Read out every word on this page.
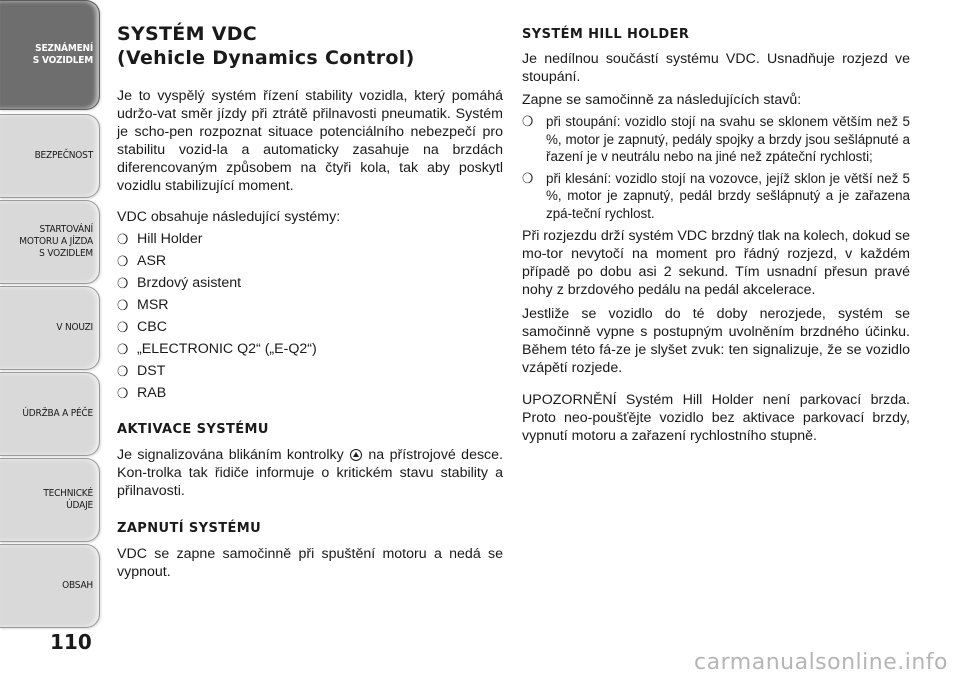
SEZNÁMENÍ
S VOZIDLEM
BEZPEČNOST
STARTOVÁNÍ
MOTORU A JÍZDA
S VOZIDLEM
V NOUZI
ÚDRŽBA A PÉČE
TECHNICKÉ
ÚDAJE
OBSAH
110
SYSTÉM VDC
(Vehicle Dynamics Control)

Je to vyspělý systém řízení stability vozidla, který pomáhá udržo-vat směr jízdy při ztrátě přilnavosti pneumatik. Systém je scho-pen rozpoznat situace potenciálního nebezpečí pro stabilitu vozid-la a automaticky zasahuje na brzdách diferencovaným způsobem na čtyři kola, tak aby poskytl vozidlu stabilizující moment.

VDC obsahuje následující systémy:

❍ Hill Holder
❍ ASR
❍ Brzdový asistent
❍ MSR
❍ CBC
❍ „ELECTRONIC Q2“ („E-Q2“)
❍ DST
❍ RAB
AKTIVACE SYSTÉMU

Je signalizována blikáním kontrolky na přístrojové desce. Kon-trolka tak řidiče informuje o kritickém stavu stability a přilnavosti.

ZAPNUTÍ SYSTÉMU

VDC se zapne samočinně při spuštění motoru a nedá se vypnout.

SYSTÉM HILL HOLDER

Je nedílnou součástí systému VDC. Usnadňuje rozjezd ve stoupání.

Zapne se samočinně za následujících stavů:

❍ při stoupání: vozidlo stojí na svahu se sklonem větším než 5 %, motor je zapnutý, pedály spojky a brzdy jsou sešlápnuté a řazení je v neutrálu nebo na jiné než zpáteční rychlosti;
❍ při klesání: vozidlo stojí na vozovce, jejíž sklon je větší než 5 %, motor je zapnutý, pedál brzdy sešlápnutý a je zařazena zpá-teční rychlost.

Při rozjezdu drží systém VDC brzdný tlak na kolech, dokud se mo-tor nevytočí na moment pro řádný rozjezd, v každém případě po dobu asi 2 sekund. Tím usnadní přesun pravé nohy z brzdového pedálu na pedál akcelerace.

Jestliže se vozidlo do té doby nerozjede, systém se samočinně vypne s postupným uvolněním brzdného účinku. Během této fá-ze je slyšet zvuk: ten signalizuje, že se vozidlo vzápětí rozjede.

UPOZORNĚNÍ Systém Hill Holder není parkovací brzda. Proto neo-poušťějte vozidlo bez aktivace parkovací brzdy, vypnutí motoru a zařazení rychlostního stupně.

carmanualsonline.info
